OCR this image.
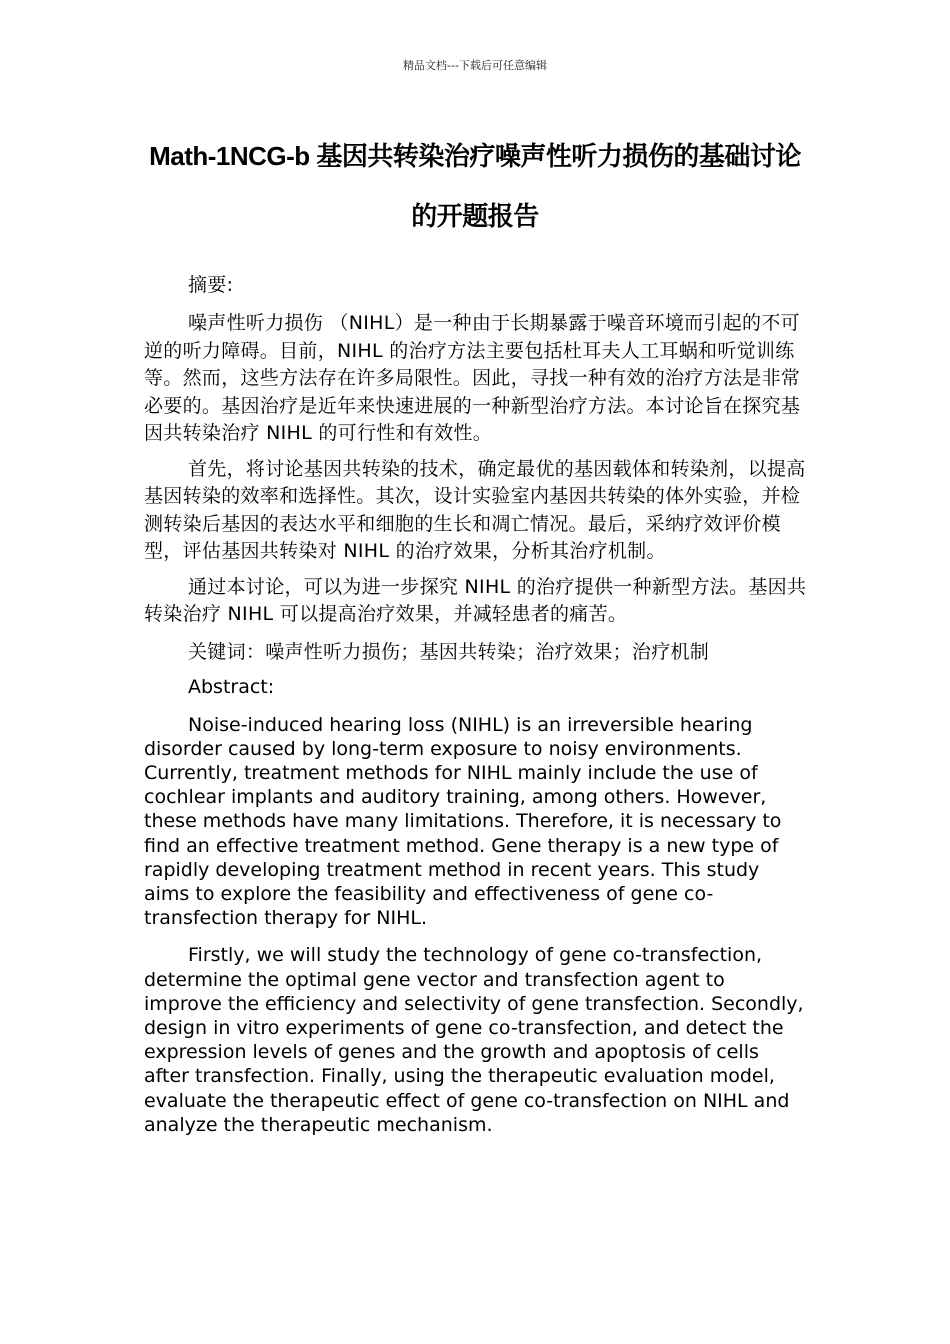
精品文档---下载后可任意编辑
Math-1NCG-b 基因共转染治疗噪声性听力损伤的基础讨论的开题报告

摘要:

噪声性听力损伤 （NIHL）是一种由于长期暴露于噪音环境而引起的不可逆的听力障碍。目前，NIHL 的治疗方法主要包括杜耳夫人工耳蜗和听觉训练等。然而，这些方法存在许多局限性。因此，寻找一种有效的治疗方法是非常必要的。基因治疗是近年来快速进展的一种新型治疗方法。本讨论旨在探究基因共转染治疗 NIHL 的可行性和有效性。

首先，将讨论基因共转染的技术，确定最优的基因载体和转染剂，以提高基因转染的效率和选择性。其次，设计实验室内基因共转染的体外实验，并检测转染后基因的表达水平和细胞的生长和凋亡情况。最后，采纳疗效评价模型，评估基因共转染对 NIHL 的治疗效果，分析其治疗机制。

通过本讨论，可以为进一步探究 NIHL 的治疗提供一种新型方法。基因共转染治疗 NIHL 可以提高治疗效果，并减轻患者的痛苦。

关键词：噪声性听力损伤；基因共转染；治疗效果；治疗机制

Abstract:

Noise-induced hearing loss (NIHL) is an irreversible hearing disorder caused by long-term exposure to noisy environments. Currently, treatment methods for NIHL mainly include the use of cochlear implants and auditory training, among others. However, these methods have many limitations. Therefore, it is necessary to find an effective treatment method. Gene therapy is a new type of rapidly developing treatment method in recent years. This study aims to explore the feasibility and effectiveness of gene co-transfection therapy for NIHL.

Firstly, we will study the technology of gene co-transfection, determine the optimal gene vector and transfection agent to improve the efficiency and selectivity of gene transfection. Secondly, design in vitro experiments of gene co-transfection, and detect the expression levels of genes and the growth and apoptosis of cells after transfection. Finally, using the therapeutic evaluation model, evaluate the therapeutic effect of gene co-transfection on NIHL and analyze the therapeutic mechanism.
